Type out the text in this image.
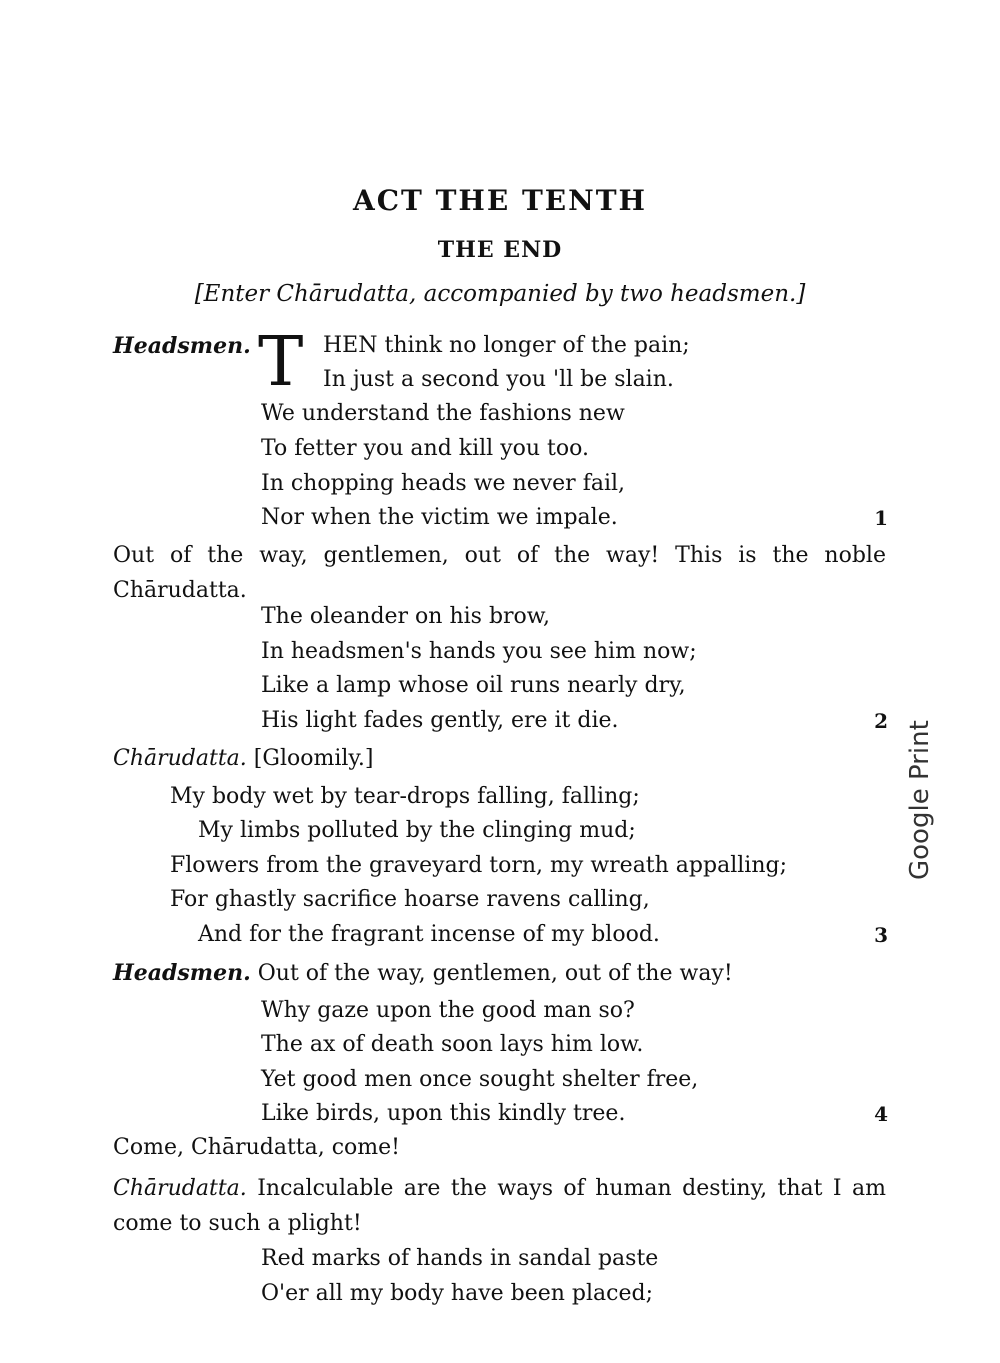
ACT THE TENTH
THE END
[Enter Chārudatta, accompanied by two headsmen.]
Headsmen. T HEN think no longer of the pain;
In just a second you 'll be slain.
We understand the fashions new
To fetter you and kill you too.
In chopping heads we never fail,
Nor when the victim we impale.	1
Out of the way, gentlemen, out of the way! This is the noble Chārudatta.
The oleander on his brow,
In headsmen's hands you see him now;
Like a lamp whose oil runs nearly dry,
His light fades gently, ere it die.	2
Chārudatta. [Gloomily.]
My body wet by tear-drops falling, falling;
My limbs polluted by the clinging mud;
Flowers from the graveyard torn, my wreath appalling;
For ghastly sacrifice hoarse ravens calling,
And for the fragrant incense of my blood.	3
Headsmen. Out of the way, gentlemen, out of the way!
Why gaze upon the good man so?
The ax of death soon lays him low.
Yet good men once sought shelter free,
Like birds, upon this kindly tree.	4
Come, Chārudatta, come!
Chārudatta. Incalculable are the ways of human destiny, that I am come to such a plight!
Red marks of hands in sandal paste
O'er all my body have been placed;
Google Print
